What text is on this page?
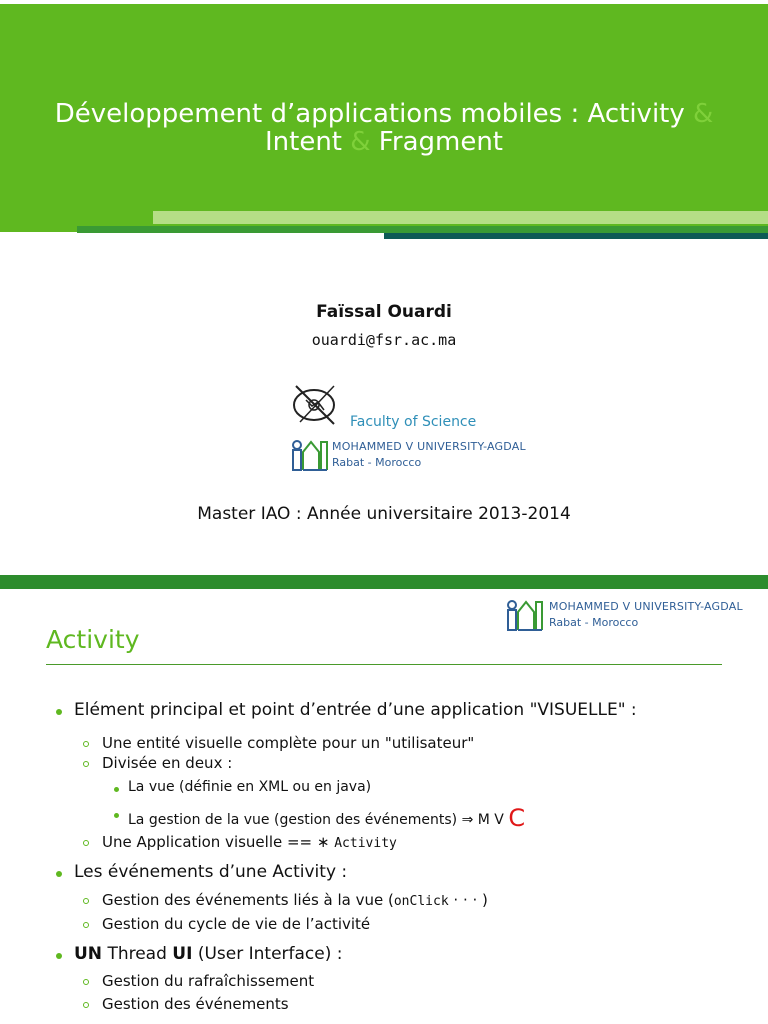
Développement d’applications mobiles : Activity &
Intent & Fragment
Faïssal Ouardi
ouardi@fsr.ac.ma
Faculty of Science
MOHAMMED V UNIVERSITY-AGDAL
Rabat - Morocco
Master IAO : Année universitaire 2013-2014
Activity
MOHAMMED V UNIVERSITY-AGDAL
Rabat - Morocco
Elément principal et point d’entrée d’une application "VISUELLE" :
Une entité visuelle complète pour un "utilisateur"
Divisée en deux :
La vue (définie en XML ou en java)
La gestion de la vue (gestion des événements) ⇒ M V C
Une Application visuelle == ∗ Activity
Les événements d’une Activity :
Gestion des événements liés à la vue (onClick · · · )
Gestion du cycle de vie de l’activité
UN Thread UI (User Interface) :
Gestion du rafraîchissement
Gestion des événements
